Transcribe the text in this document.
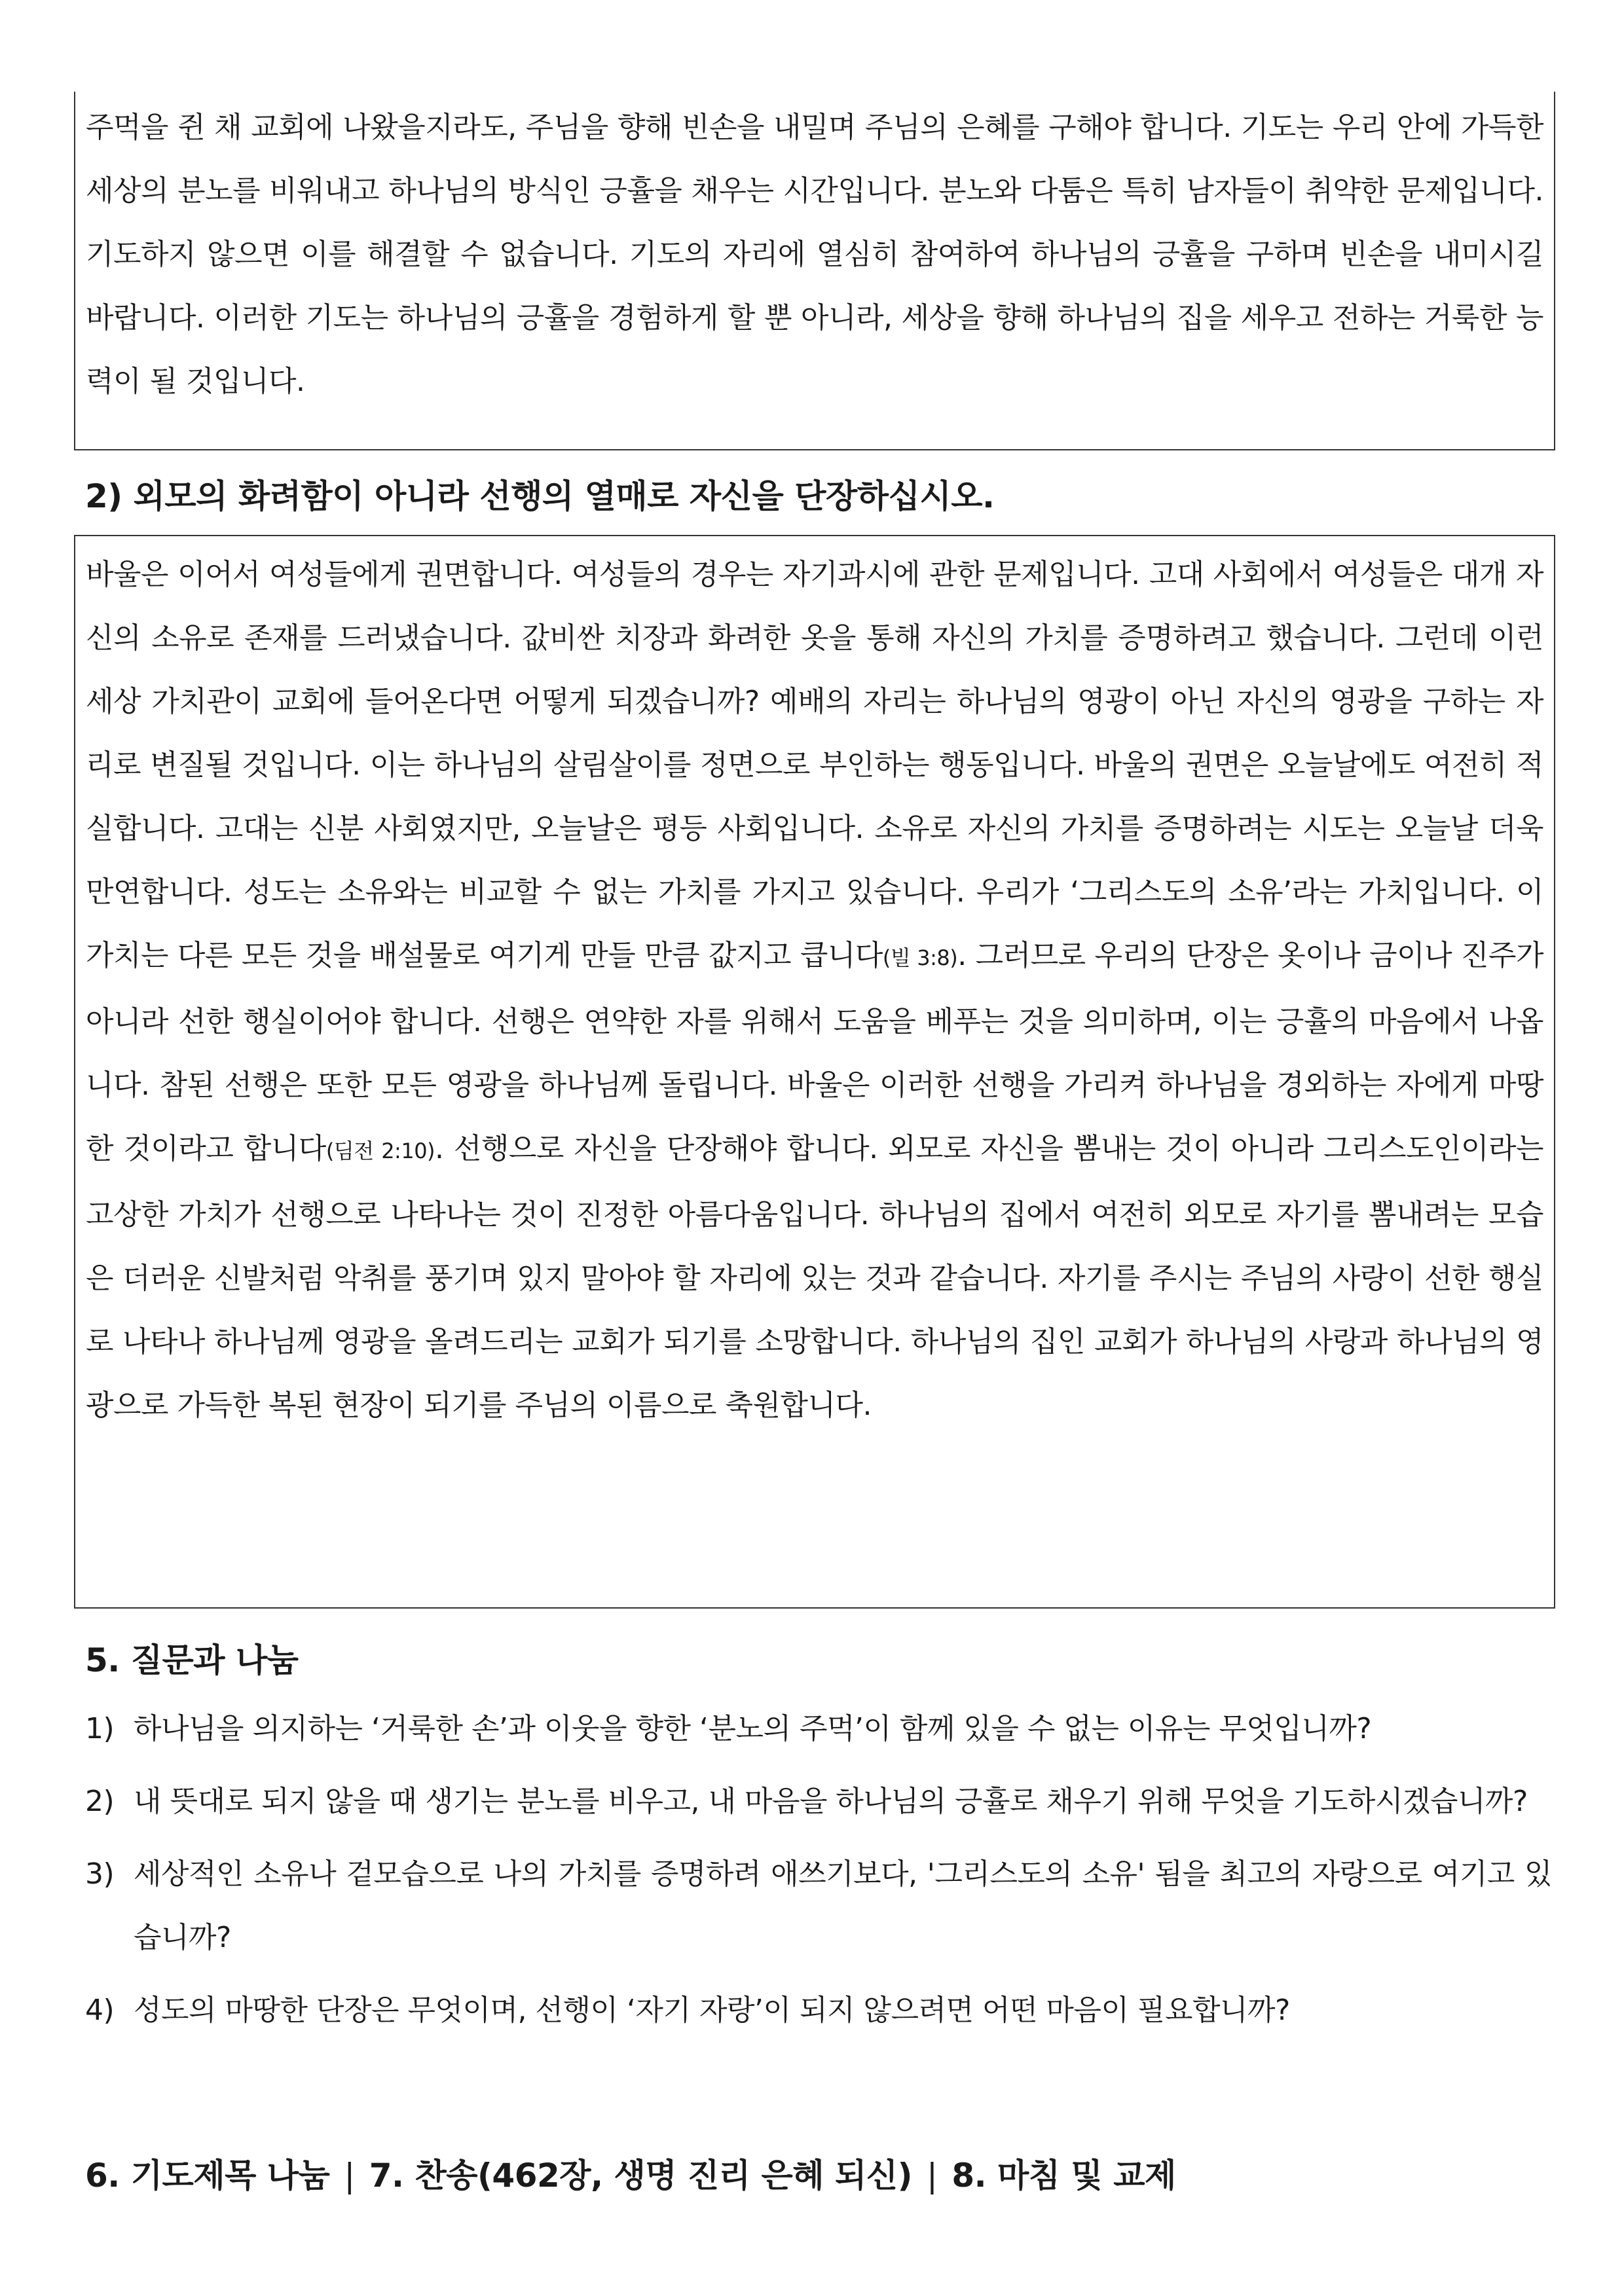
주먹을 쥔 채 교회에 나왔을지라도, 주님을 향해 빈손을 내밀며 주님의 은혜를 구해야 합니다. 기도는 우리 안에 가득한 세상의 분노를 비워내고 하나님의 방식인 긍휼을 채우는 시간입니다. 분노와 다툼은 특히 남자들이 취약한 문제입니다. 기도하지 않으면 이를 해결할 수 없습니다. 기도의 자리에 열심히 참여하여 하나님의 긍휼을 구하며 빈손을 내미시길 바랍니다. 이러한 기도는 하나님의 긍휼을 경험하게 할 뿐 아니라, 세상을 향해 하나님의 집을 세우고 전하는 거룩한 능력이 될 것입니다.

2) 외모의 화려함이 아니라 선행의 열매로 자신을 단장하십시오.

바울은 이어서 여성들에게 권면합니다. 여성들의 경우는 자기과시에 관한 문제입니다. 고대 사회에서 여성들은 대개 자신의 소유로 존재를 드러냈습니다. 값비싼 치장과 화려한 옷을 통해 자신의 가치를 증명하려고 했습니다. 그런데 이런 세상 가치관이 교회에 들어온다면 어떻게 되겠습니까? 예배의 자리는 하나님의 영광이 아닌 자신의 영광을 구하는 자리로 변질될 것입니다. 이는 하나님의 살림살이를 정면으로 부인하는 행동입니다. 바울의 권면은 오늘날에도 여전히 적실합니다. 고대는 신분 사회였지만, 오늘날은 평등 사회입니다. 소유로 자신의 가치를 증명하려는 시도는 오늘날 더욱 만연합니다. 성도는 소유와는 비교할 수 없는 가치를 가지고 있습니다. 우리가 ‘그리스도의 소유’라는 가치입니다. 이 가치는 다른 모든 것을 배설물로 여기게 만들 만큼 값지고 큽니다(빌 3:8). 그러므로 우리의 단장은 옷이나 금이나 진주가 아니라 선한 행실이어야 합니다. 선행은 연약한 자를 위해서 도움을 베푸는 것을 의미하며, 이는 긍휼의 마음에서 나옵니다. 참된 선행은 또한 모든 영광을 하나님께 돌립니다. 바울은 이러한 선행을 가리켜 하나님을 경외하는 자에게 마땅한 것이라고 합니다(딤전 2:10). 선행으로 자신을 단장해야 합니다. 외모로 자신을 뽐내는 것이 아니라 그리스도인이라는 고상한 가치가 선행으로 나타나는 것이 진정한 아름다움입니다. 하나님의 집에서 여전히 외모로 자기를 뽐내려는 모습은 더러운 신발처럼 악취를 풍기며 있지 말아야 할 자리에 있는 것과 같습니다. 자기를 주시는 주님의 사랑이 선한 행실로 나타나 하나님께 영광을 올려드리는 교회가 되기를 소망합니다. 하나님의 집인 교회가 하나님의 사랑과 하나님의 영광으로 가득한 복된 현장이 되기를 주님의 이름으로 축원합니다.

5. 질문과 나눔
1) 하나님을 의지하는 ‘거룩한 손’과 이웃을 향한 ‘분노의 주먹’이 함께 있을 수 없는 이유는 무엇입니까?
2) 내 뜻대로 되지 않을 때 생기는 분노를 비우고, 내 마음을 하나님의 긍휼로 채우기 위해 무엇을 기도하시겠습니까?
3) 세상적인 소유나 겉모습으로 나의 가치를 증명하려 애쓰기보다, '그리스도의 소유' 됨을 최고의 자랑으로 여기고 있습니까?
4) 성도의 마땅한 단장은 무엇이며, 선행이 ‘자기 자랑’이 되지 않으려면 어떤 마음이 필요합니까?
6. 기도제목 나눔 | 7. 찬송(462장, 생명 진리 은혜 되신) | 8. 마침 및 교제
